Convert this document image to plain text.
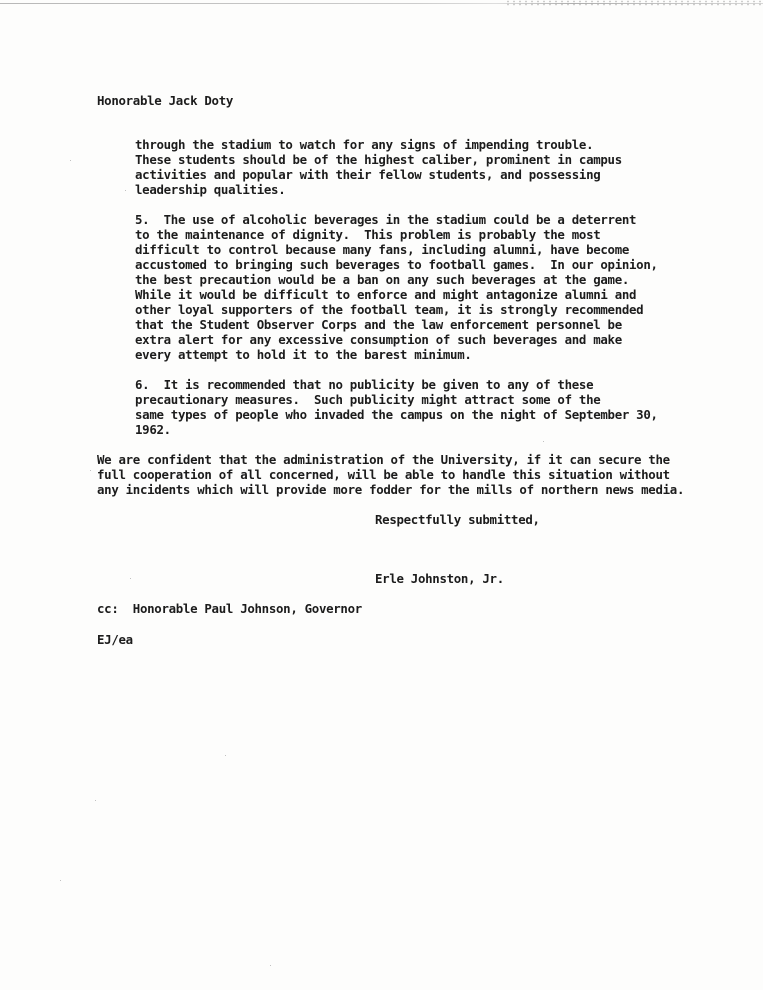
Honorable Jack Doty
through the stadium to watch for any signs of impending trouble.
These students should be of the highest caliber, prominent in campus
activities and popular with their fellow students, and possessing
leadership qualities.
5.  The use of alcoholic beverages in the stadium could be a deterrent
to the maintenance of dignity.  This problem is probably the most
difficult to control because many fans, including alumni, have become
accustomed to bringing such beverages to football games.  In our opinion,
the best precaution would be a ban on any such beverages at the game.
While it would be difficult to enforce and might antagonize alumni and
other loyal supporters of the football team, it is strongly recommended
that the Student Observer Corps and the law enforcement personnel be
extra alert for any excessive consumption of such beverages and make
every attempt to hold it to the barest minimum.
6.  It is recommended that no publicity be given to any of these
precautionary measures.  Such publicity might attract some of the
same types of people who invaded the campus on the night of September 30,
1962.
We are confident that the administration of the University, if it can secure the
full cooperation of all concerned, will be able to handle this situation without
any incidents which will provide more fodder for the mills of northern news media.
Respectfully submitted,
Erle Johnston, Jr.
cc:  Honorable Paul Johnson, Governor
EJ/ea
